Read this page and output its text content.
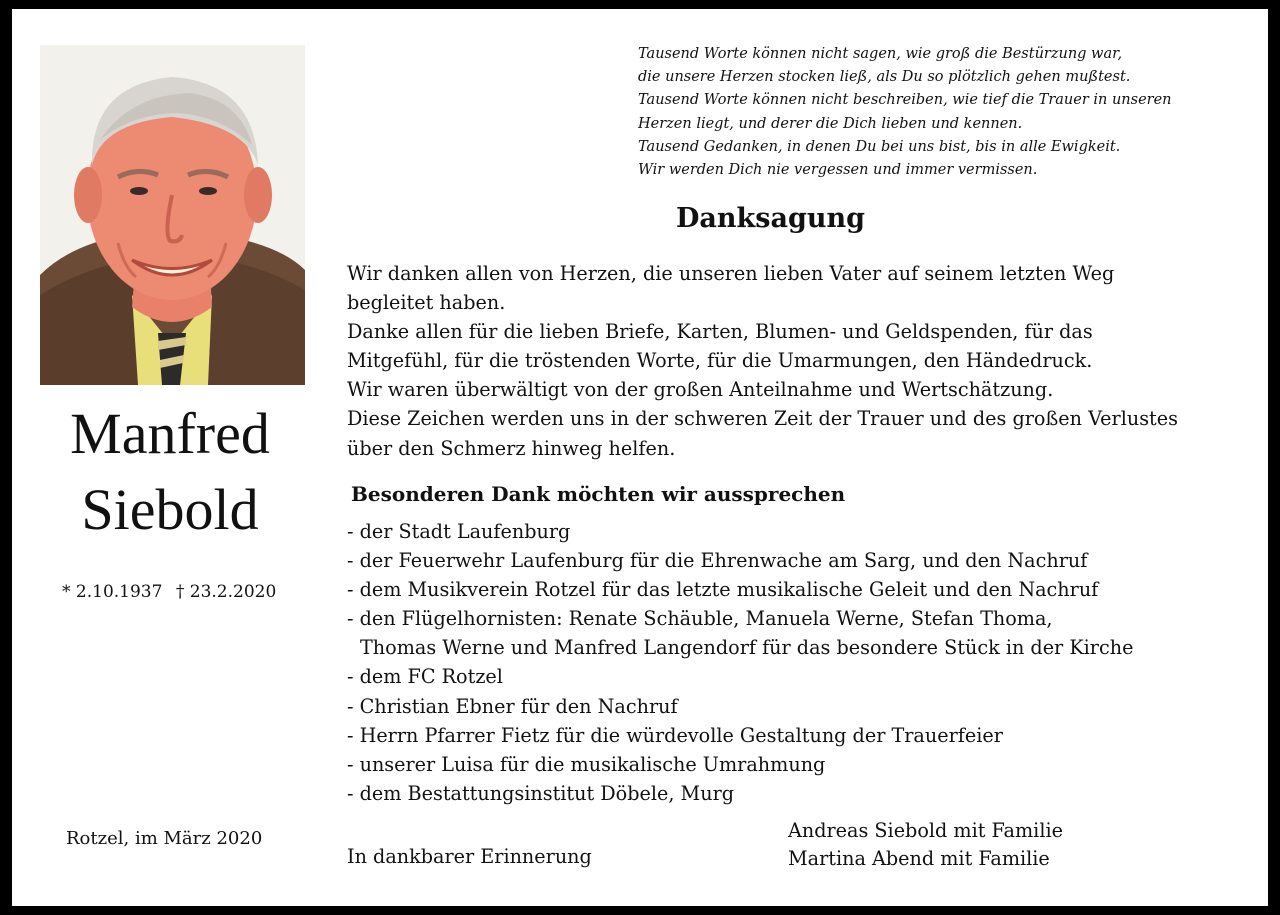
Manfred
Siebold
* 2.10.1937 † 23.2.2020
Rotzel, im März 2020
Tausend Worte können nicht sagen, wie groß die Bestürzung war,
die unsere Herzen stocken ließ, als Du so plötzlich gehen mußtest.
Tausend Worte können nicht beschreiben, wie tief die Trauer in unseren
Herzen liegt, und derer die Dich lieben und kennen.
Tausend Gedanken, in denen Du bei uns bist, bis in alle Ewigkeit.
Wir werden Dich nie vergessen und immer vermissen.
Danksagung
Wir danken allen von Herzen, die unseren lieben Vater auf seinem letzten Weg
begleitet haben.
Danke allen für die lieben Briefe, Karten, Blumen- und Geldspenden, für das
Mitgefühl, für die tröstenden Worte, für die Umarmungen, den Händedruck.
Wir waren überwältigt von der großen Anteilnahme und Wertschätzung.
Diese Zeichen werden uns in der schweren Zeit der Trauer und des großen Verlustes
über den Schmerz hinweg helfen.
Besonderen Dank möchten wir aussprechen
- der Stadt Laufenburg
- der Feuerwehr Laufenburg für die Ehrenwache am Sarg, und den Nachruf
- dem Musikverein Rotzel für das letzte musikalische Geleit und den Nachruf
- den Flügelhornisten: Renate Schäuble, Manuela Werne, Stefan Thoma,
Thomas Werne und Manfred Langendorf für das besondere Stück in der Kirche
- dem FC Rotzel
- Christian Ebner für den Nachruf
- Herrn Pfarrer Fietz für die würdevolle Gestaltung der Trauerfeier
- unserer Luisa für die musikalische Umrahmung
- dem Bestattungsinstitut Döbele, Murg
In dankbarer Erinnerung
Andreas Siebold mit Familie
Martina Abend mit Familie
